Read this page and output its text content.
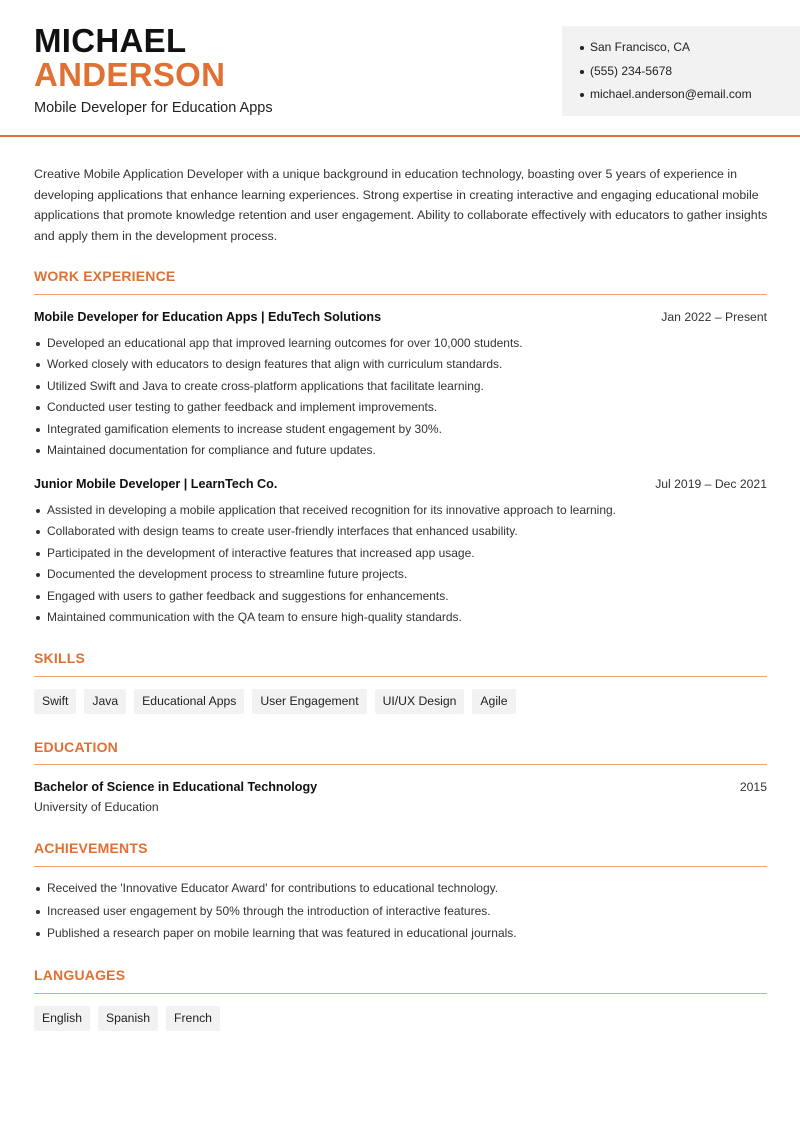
MICHAEL
ANDERSON
Mobile Developer for Education Apps
San Francisco, CA
(555) 234-5678
michael.anderson@email.com

Creative Mobile Application Developer with a unique background in education technology, boasting over 5 years of experience in developing applications that enhance learning experiences. Strong expertise in creating interactive and engaging educational mobile applications that promote knowledge retention and user engagement. Ability to collaborate effectively with educators to gather insights and apply them in the development process.

WORK EXPERIENCE
Mobile Developer for Education Apps | EduTech Solutions	Jan 2022 – Present
Developed an educational app that improved learning outcomes for over 10,000 students.
Worked closely with educators to design features that align with curriculum standards.
Utilized Swift and Java to create cross-platform applications that facilitate learning.
Conducted user testing to gather feedback and implement improvements.
Integrated gamification elements to increase student engagement by 30%.
Maintained documentation for compliance and future updates.
Junior Mobile Developer | LearnTech Co.	Jul 2019 – Dec 2021
Assisted in developing a mobile application that received recognition for its innovative approach to learning.
Collaborated with design teams to create user-friendly interfaces that enhanced usability.
Participated in the development of interactive features that increased app usage.
Documented the development process to streamline future projects.
Engaged with users to gather feedback and suggestions for enhancements.
Maintained communication with the QA team to ensure high-quality standards.
SKILLS
Swift	Java	Educational Apps	User Engagement	UI/UX Design	Agile
EDUCATION
Bachelor of Science in Educational Technology	2015
University of Education
ACHIEVEMENTS
Received the 'Innovative Educator Award' for contributions to educational technology.
Increased user engagement by 50% through the introduction of interactive features.
Published a research paper on mobile learning that was featured in educational journals.
LANGUAGES
English	Spanish	French
